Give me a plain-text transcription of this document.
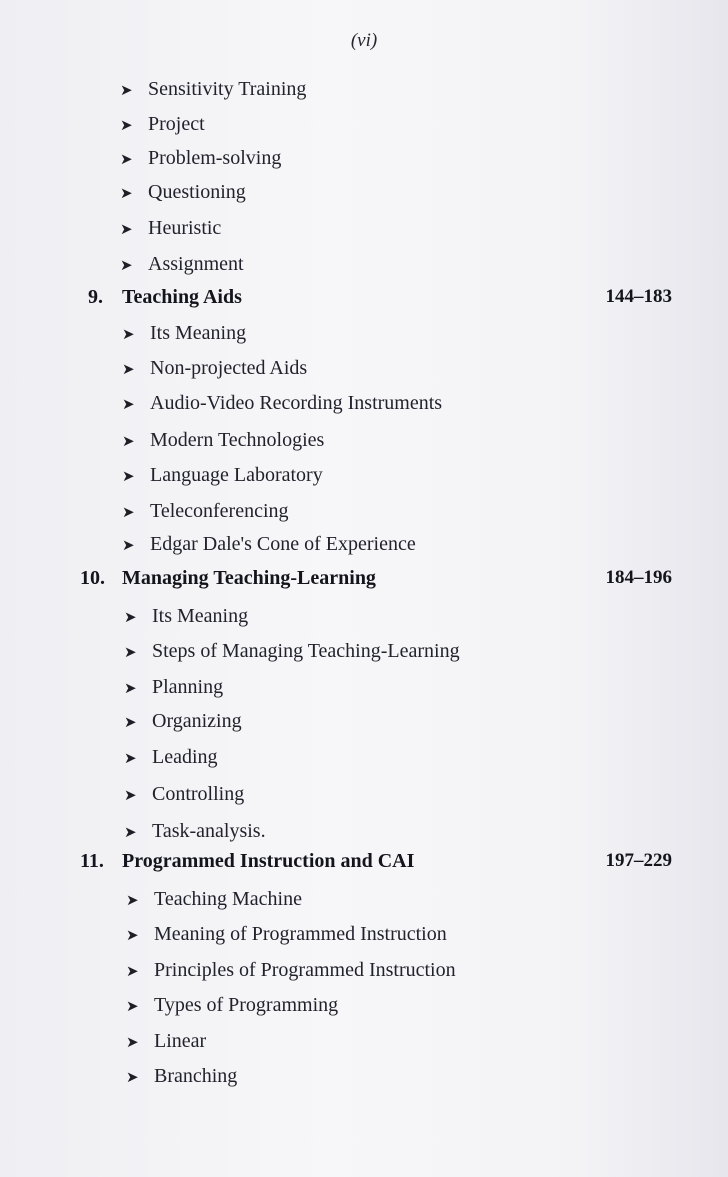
(vi)
➤ Sensitivity Training
➤ Project
➤ Problem-solving
➤ Questioning
➤ Heuristic
➤ Assignment
9. Teaching Aids	144–183
➤ Its Meaning
➤ Non-projected Aids
➤ Audio-Video Recording Instruments
➤ Modern Technologies
➤ Language Laboratory
➤ Teleconferencing
➤ Edgar Dale's Cone of Experience
10. Managing Teaching-Learning	184–196
➤ Its Meaning
➤ Steps of Managing Teaching-Learning
➤ Planning
➤ Organizing
➤ Leading
➤ Controlling
➤ Task-analysis.
11. Programmed Instruction and CAI	197–229
➤ Teaching Machine
➤ Meaning of Programmed Instruction
➤ Principles of Programmed Instruction
➤ Types of Programming
➤ Linear
➤ Branching
